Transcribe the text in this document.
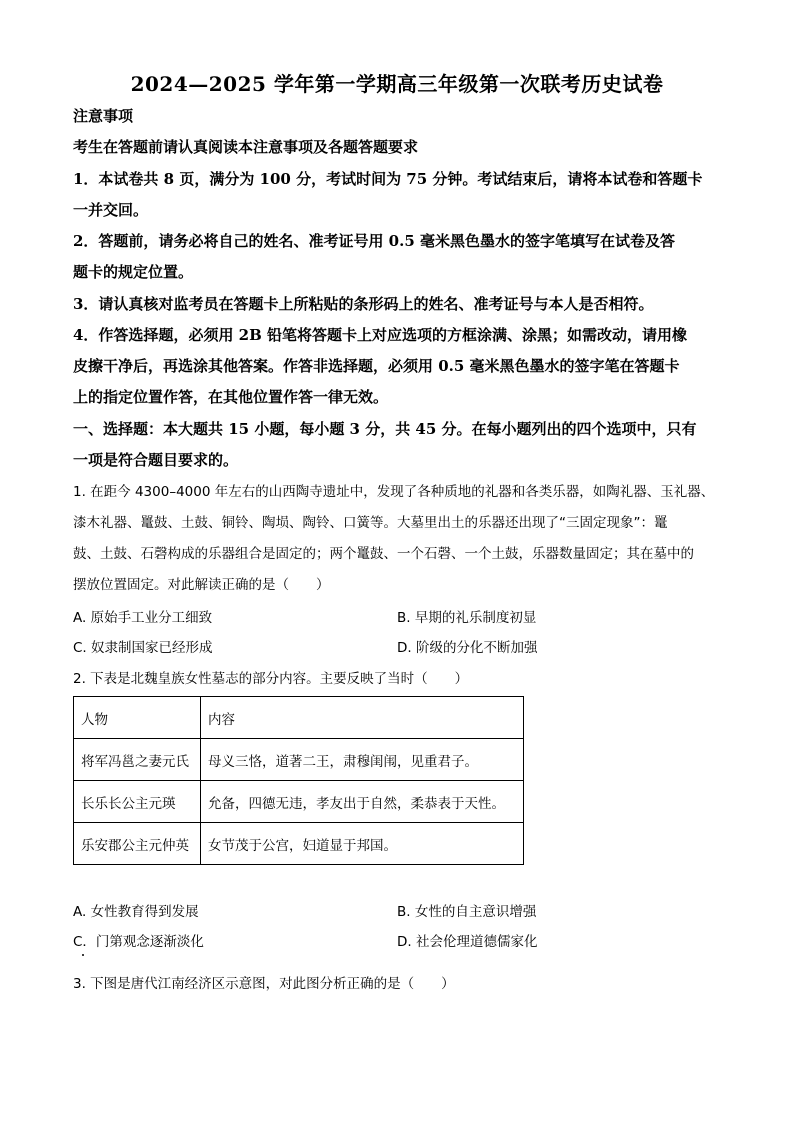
2024—2025 学年第一学期高三年级第一次联考历史试卷
注意事项
考生在答题前请认真阅读本注意事项及各题答题要求
1．本试卷共 8 页，满分为 100 分，考试时间为 75 分钟。考试结束后，请将本试卷和答题卡
一并交回。
2．答题前，请务必将自己的姓名、准考证号用 0.5 毫米黑色墨水的签字笔填写在试卷及答
题卡的规定位置。
3．请认真核对监考员在答题卡上所粘贴的条形码上的姓名、准考证号与本人是否相符。
4．作答选择题，必须用 2B 铅笔将答题卡上对应选项的方框涂满、涂黑；如需改动，请用橡
皮擦干净后，再选涂其他答案。作答非选择题，必须用 0.5 毫米黑色墨水的签字笔在答题卡
上的指定位置作答，在其他位置作答一律无效。
一、选择题：本大题共 15 小题，每小题 3 分，共 45 分。在每小题列出的四个选项中，只有
一项是符合题目要求的。
1. 在距今 4300–4000 年左右的山西陶寺遗址中，发现了各种质地的礼器和各类乐器，如陶礼器、玉礼器、
漆木礼器、鼍鼓、土鼓、铜铃、陶埙、陶铃、口簧等。大墓里出土的乐器还出现了“三固定现象”：鼍
鼓、土鼓、石磬构成的乐器组合是固定的；两个鼍鼓、一个石磬、一个土鼓，乐器数量固定；其在墓中的
摆放位置固定。对此解读正确的是（　　）
A. 原始手工业分工细致	B. 早期的礼乐制度初显
C. 奴隶制国家已经形成	D. 阶级的分化不断加强
2. 下表是北魏皇族女性墓志的部分内容。主要反映了当时（　　）
人物	内容
将军冯邕之妻元氏	母义三恪，道著二王，肃穆闺闱，见重君子。
长乐长公主元瑛	允备，四德无违，孝友出于自然，柔恭表于天性。
乐安郡公主元仲英	女节茂于公宫，妇道显于邦国。
A. 女性教育得到发展	B. 女性的自主意识增强
C．门第观念逐渐淡化	D. 社会伦理道德儒家化
3. 下图是唐代江南经济区示意图，对此图分析正确的是（　　）
